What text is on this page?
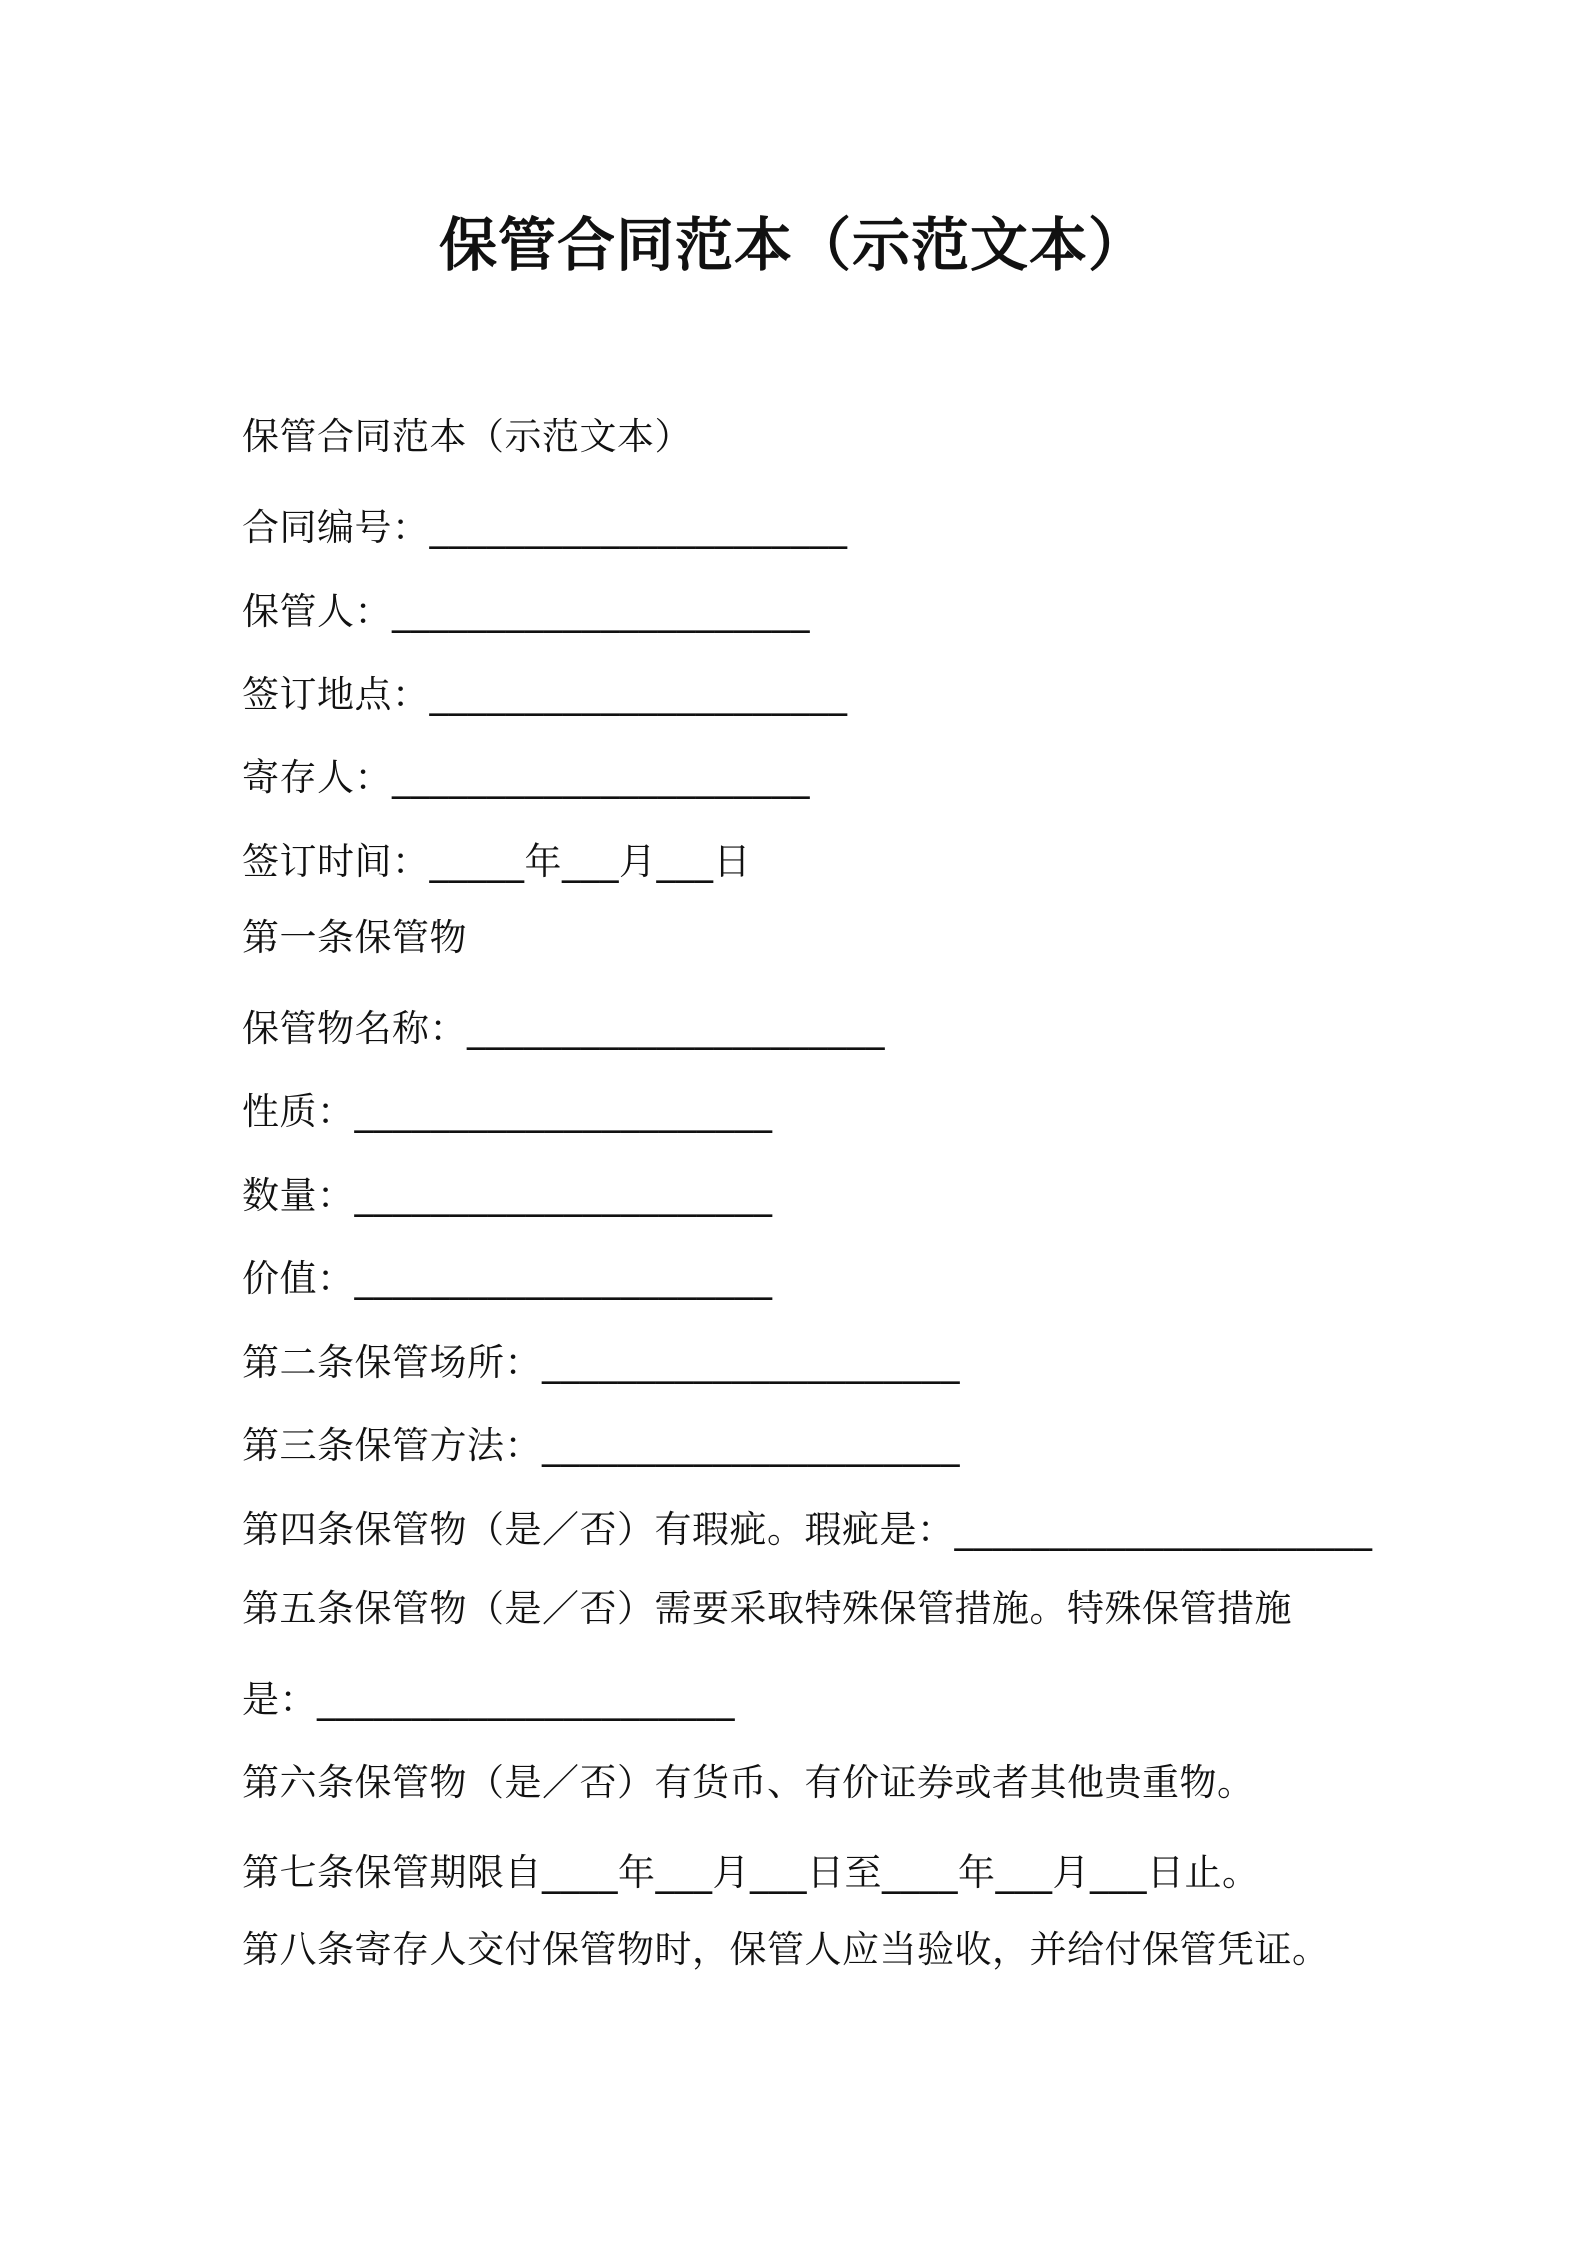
保管合同范本（示范文本）
保管合同范本（示范文本）
合同编号：______________________
保管人：______________________
签订地点：______________________
寄存人：______________________
签订时间：_____年___月___日
第一条保管物
保管物名称：______________________
性质：______________________
数量：______________________
价值：______________________
第二条保管场所：______________________
第三条保管方法：______________________
第四条保管物（是／否）有瑕疵。瑕疵是：______________________
第五条保管物（是／否）需要采取特殊保管措施。特殊保管措施
是：______________________
第六条保管物（是／否）有货币、有价证券或者其他贵重物。
第七条保管期限自____年___月___日至____年___月___日止。
第八条寄存人交付保管物时，保管人应当验收，并给付保管凭证。
